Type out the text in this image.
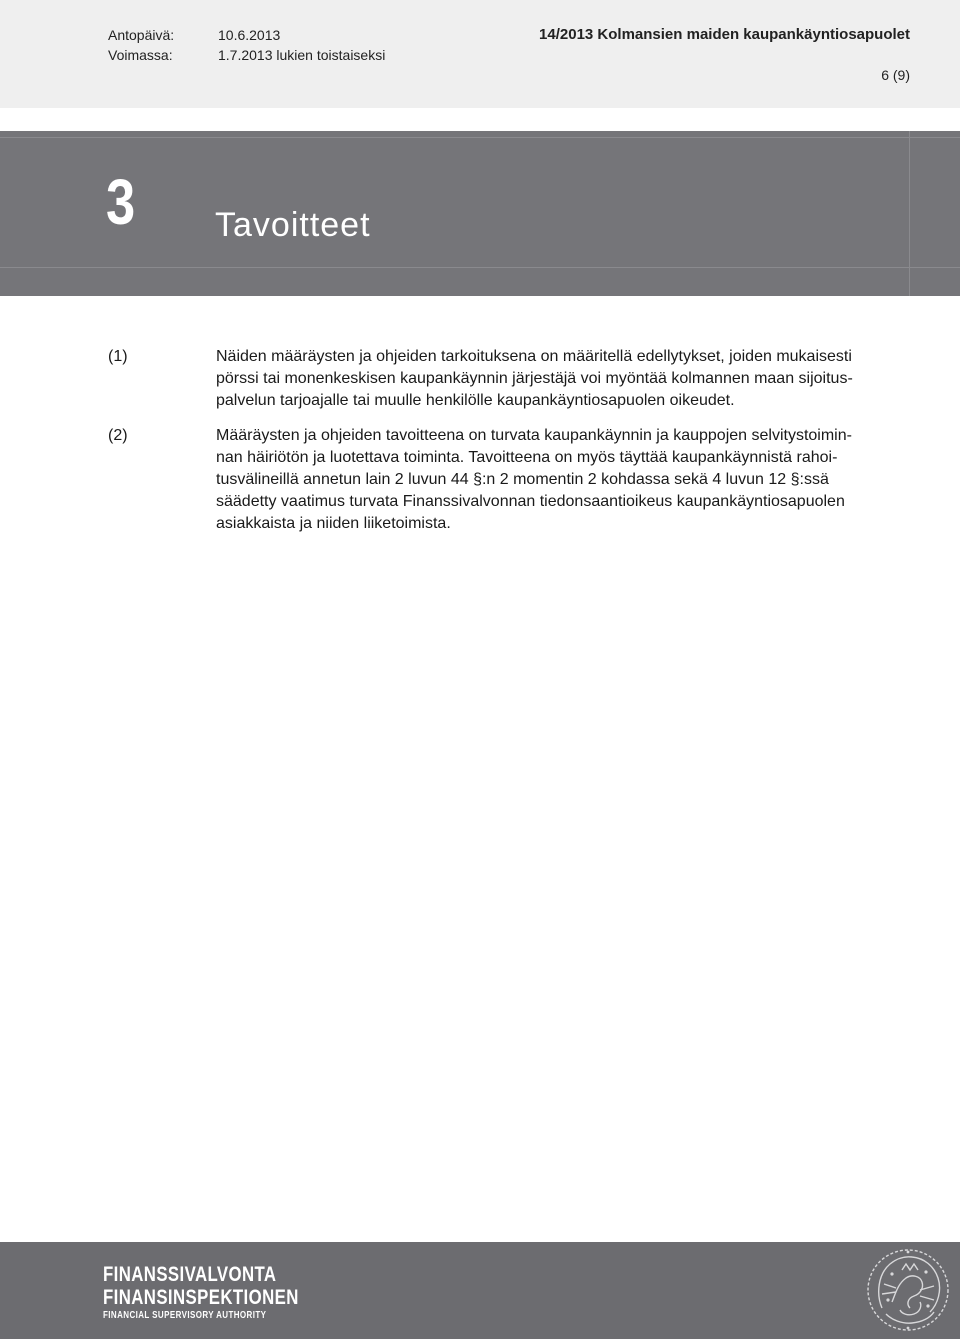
Antopäivä:	10.6.2013
Voimassa:	1.7.2013 lukien toistaiseksi
14/2013 Kolmansien maiden kaupankäyntiosapuolet
6 (9)
3 Tavoitteet
(1)	Näiden määräysten ja ohjeiden tarkoituksena on määritellä edellytykset, joiden mukaisesti
pörssi tai monenkeskisen kaupankäynnin järjestäjä voi myöntää kolmannen maan sijoitus-
palvelun tarjoajalle tai muulle henkilölle kaupankäyntiosapuolen oikeudet.
(2)	Määräysten ja ohjeiden tavoitteena on turvata kaupankäynnin ja kauppojen selvitystoimin-
nan häiriötön ja luotettava toiminta. Tavoitteena on myös täyttää kaupankäynnistä rahoi-
tusvälineillä annetun lain 2 luvun 44 §:n 2 momentin 2 kohdassa sekä 4 luvun 12 §:ssä
säädetty vaatimus turvata Finanssivalvonnan tiedonsaantioikeus kaupankäyntiosapuolen
asiakkaista ja niiden liiketoimista.
FINANSSIVALVONTA
FINANSINSPEKTIONEN
FINANCIAL SUPERVISORY AUTHORITY
